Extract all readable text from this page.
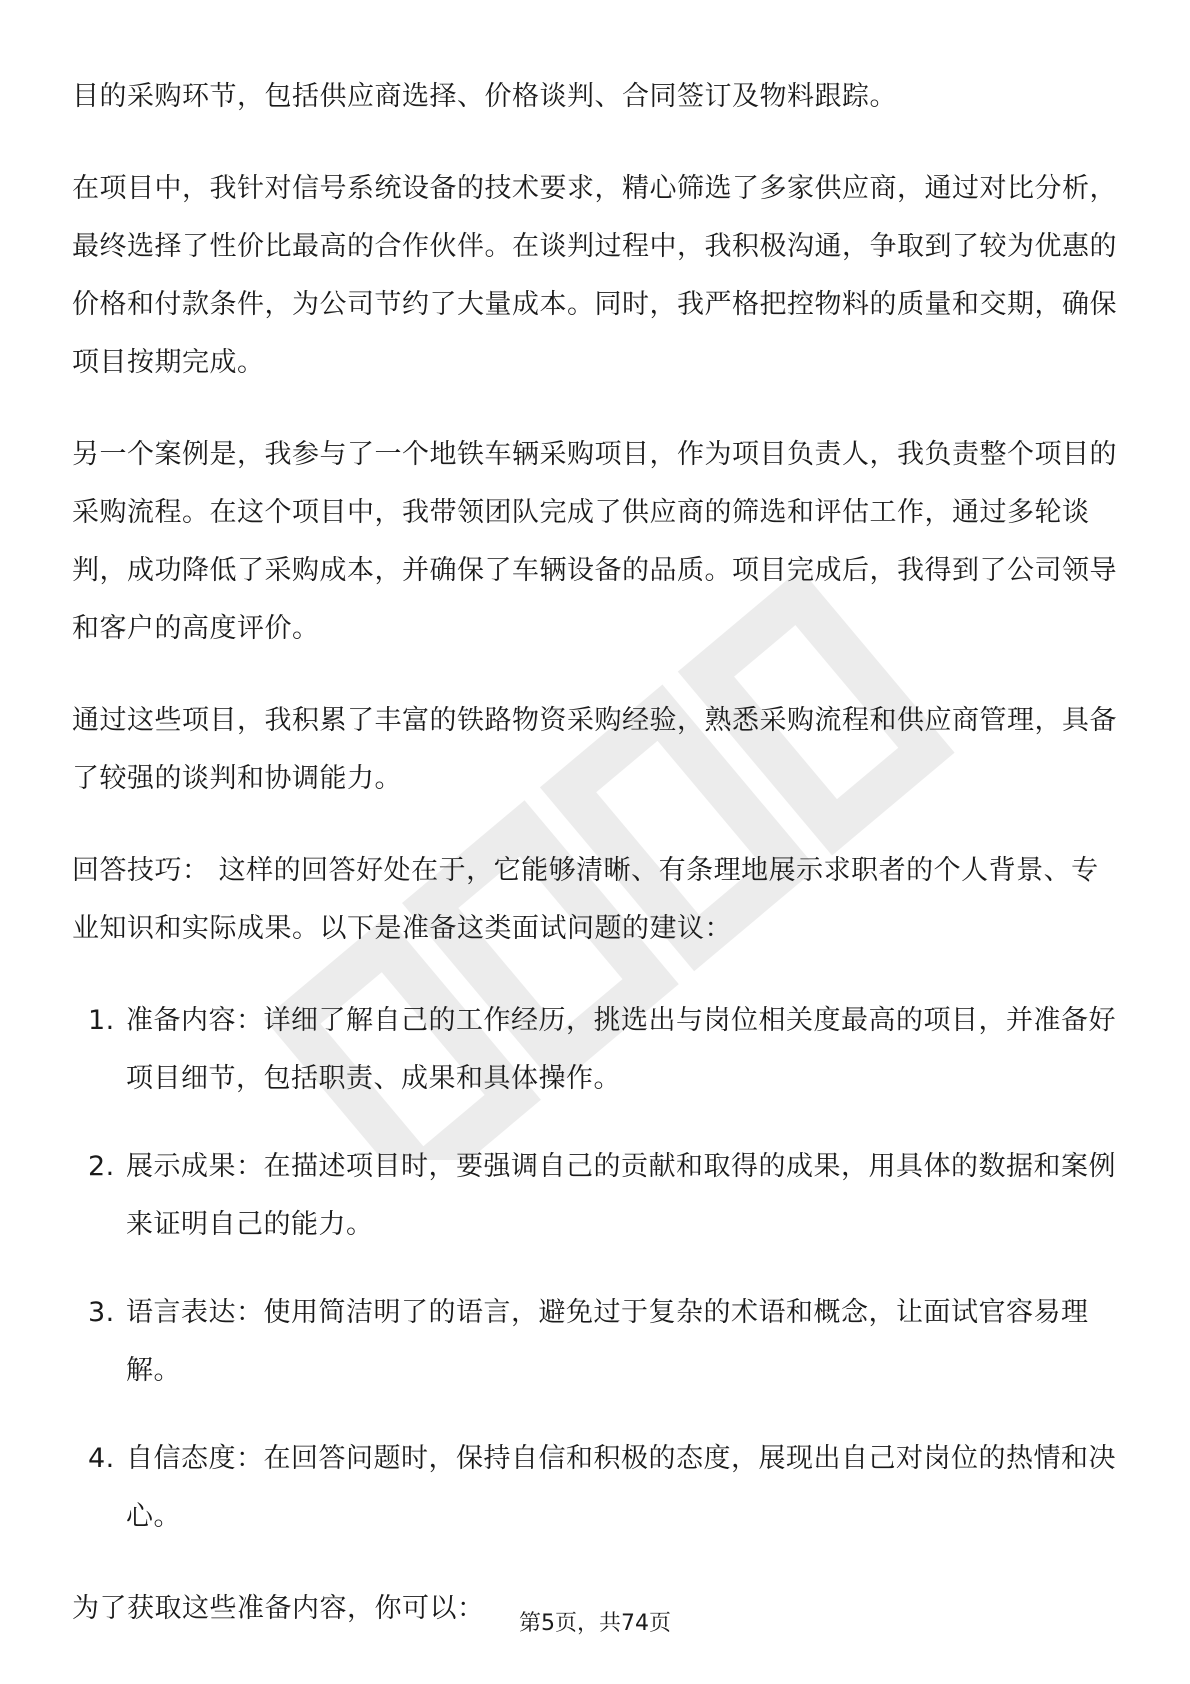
目的采购环节，包括供应商选择、价格谈判、合同签订及物料跟踪。

在项目中，我针对信号系统设备的技术要求，精心筛选了多家供应商，通过对比分析，最终选择了性价比最高的合作伙伴。在谈判过程中，我积极沟通，争取到了较为优惠的价格和付款条件，为公司节约了大量成本。同时，我严格把控物料的质量和交期，确保项目按期完成。

另一个案例是，我参与了一个地铁车辆采购项目，作为项目负责人，我负责整个项目的采购流程。在这个项目中，我带领团队完成了供应商的筛选和评估工作，通过多轮谈判，成功降低了采购成本，并确保了车辆设备的品质。项目完成后，我得到了公司领导和客户的高度评价。

通过这些项目，我积累了丰富的铁路物资采购经验，熟悉采购流程和供应商管理，具备了较强的谈判和协调能力。

回答技巧： 这样的回答好处在于，它能够清晰、有条理地展示求职者的个人背景、专业知识和实际成果。以下是准备这类面试问题的建议：

1. 准备内容：详细了解自己的工作经历，挑选出与岗位相关度最高的项目，并准备好项目细节，包括职责、成果和具体操作。
2. 展示成果：在描述项目时，要强调自己的贡献和取得的成果，用具体的数据和案例来证明自己的能力。
3. 语言表达：使用简洁明了的语言，避免过于复杂的术语和概念，让面试官容易理解。
4. 自信态度：在回答问题时，保持自信和积极的态度，展现出自己对岗位的热情和决心。

为了获取这些准备内容，你可以：	第5页，共74页
